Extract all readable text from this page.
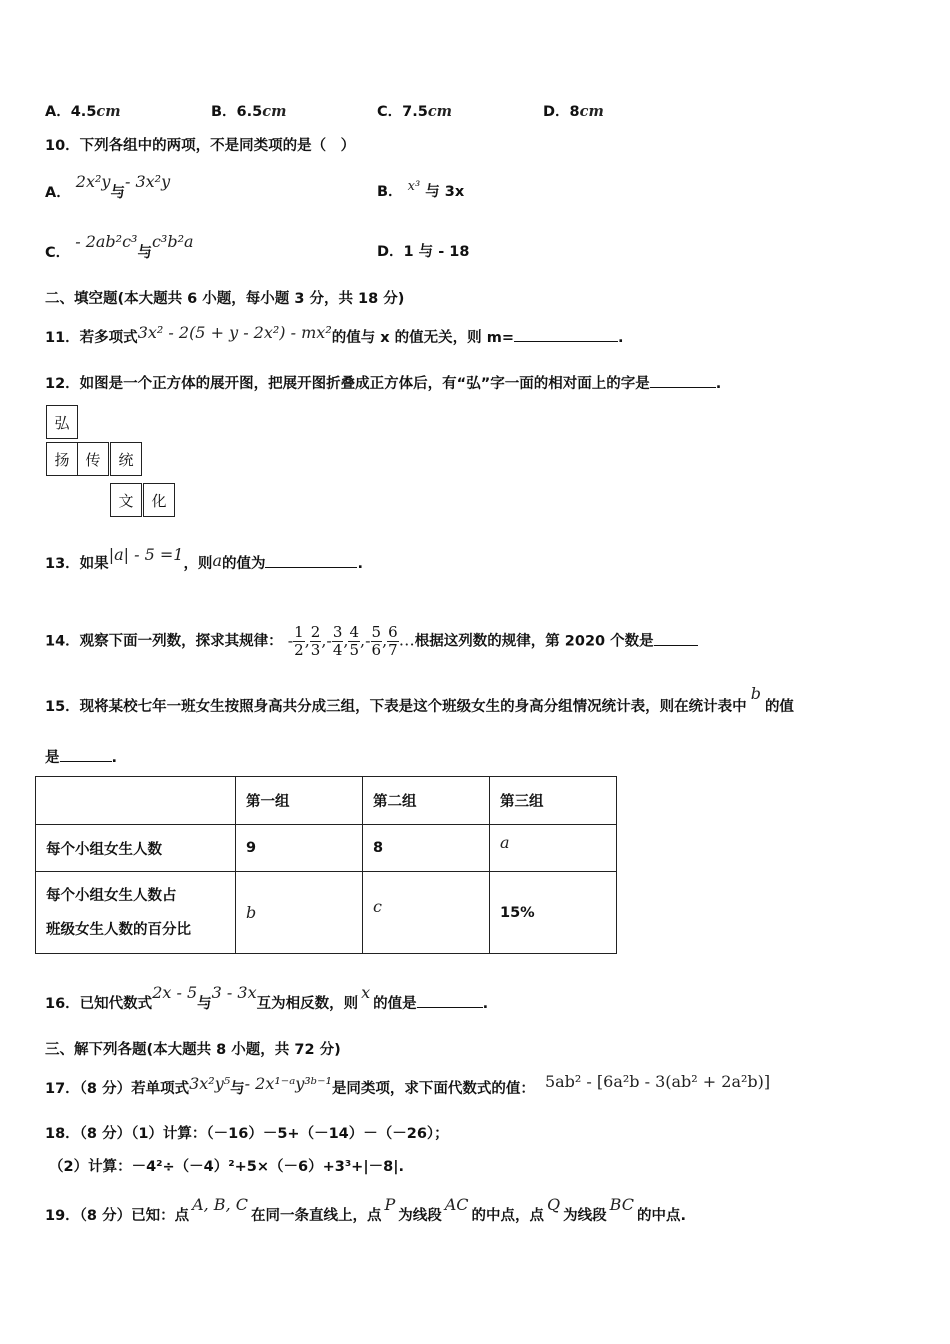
A．4.5cm	B．6.5cm	C．7.5cm	D．8cm
10．下列各组中的两项，不是同类项的是（　）
A． 2x²y与- 3x²y
B． x³ 与 3x
C． - 2ab²c³与c³b²a
D．1 与 - 18
二、填空题(本大题共 6 小题，每小题 3 分，共 18 分)
11．若多项式3x² - 2(5 + y - 2x²) - mx²的值与 x 的值无关，则 m=	.
12．如图是一个正方体的展开图，把展开图折叠成正方体后，有“弘”字一面的相对面上的字是	.
弘
扬	传	统
文	化
13．如果|a| - 5 =1，则a的值为	.
14．观察下面一列数，探求其规律： - $\frac{1}{2}$ , $\frac{2}{3}$ ,- $\frac{3}{4}$ , $\frac{4}{5}$ ,- $\frac{5}{6}$ , $\frac{6}{7}$ …根据这列数的规律，第 2020 个数是
15．现将某校七年一班女生按照身高共分成三组，下表是这个班级女生的身高分组情况统计表，则在统计表中b的值
是	.
	第一组	第二组	第三组
每个小组女生人数	9	8	a
每个小组女生人数占
班级女生人数的百分比	b	c	15%
16．已知代数式2x - 5与3 - 3x互为相反数，则x的值是	.
三、解下列各题(本大题共 8 小题，共 72 分)
17．（8 分）若单项式3x²y⁵与- 2x¹⁻ᵃy³ᵇ⁻¹是同类项，求下面代数式的值： 5ab² - [6a²b - 3(ab² + 2a²b)]
18．（8 分）（1）计算：（－16）－5+（－14）－（－26）；
（2）计算：－4²÷（－4）²+5×（－6）+3³+|－8|.
19．（8 分）已知：点A, B, C在同一条直线上，点P为线段AC的中点，点Q为线段BC的中点.
